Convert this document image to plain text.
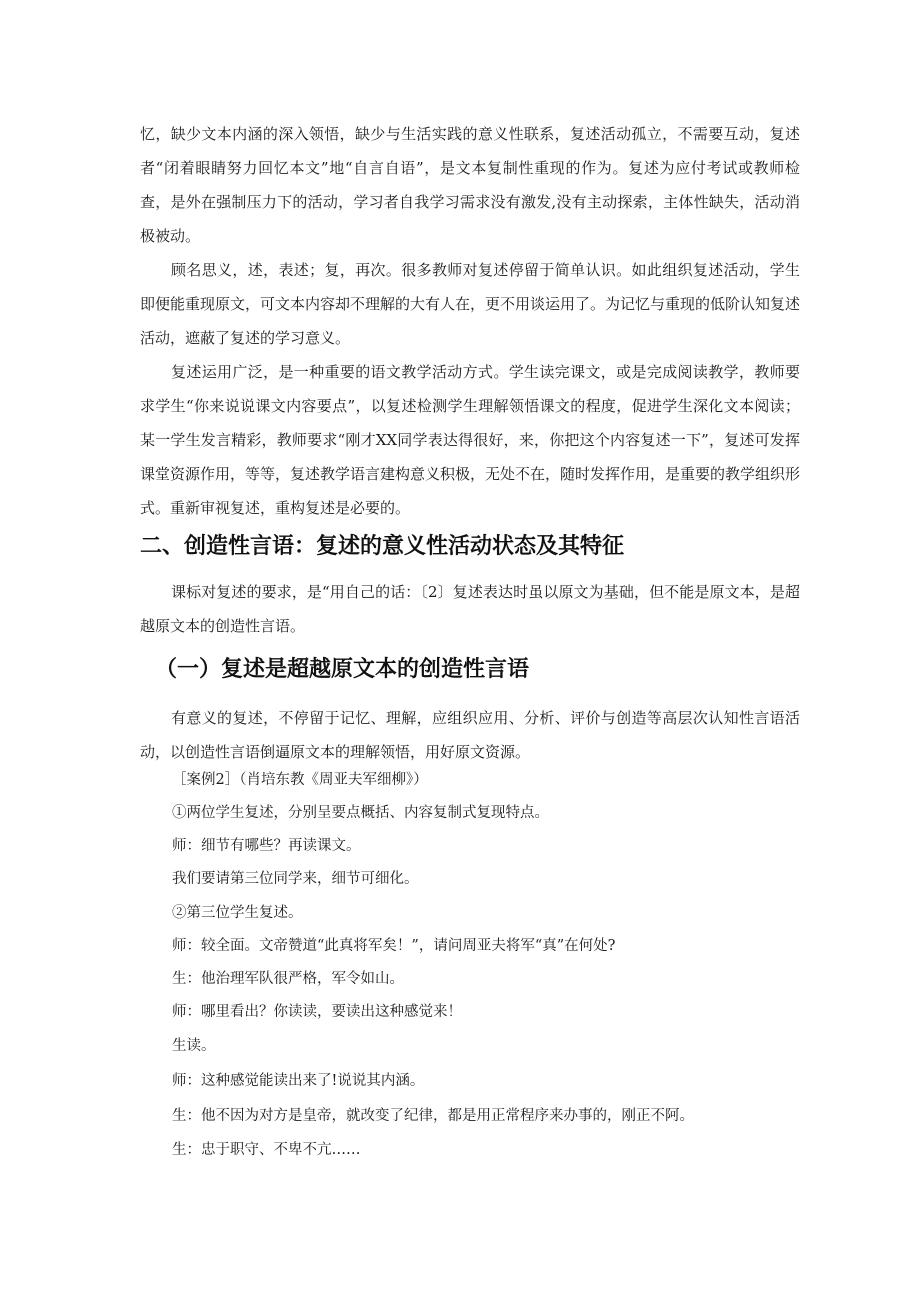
忆，缺少文本内涵的深入领悟，缺少与生活实践的意义性联系，复述活动孤立，不需要互动，复述者“闭着眼睛努力回忆本文”地“自言自语”，是文本复制性重现的作为。复述为应付考试或教师检查，是外在强制压力下的活动，学习者自我学习需求没有激发,没有主动探索，主体性缺失，活动消极被动。

顾名思义，述，表述；复，再次。很多教师对复述停留于简单认识。如此组织复述活动，学生即便能重现原文，可文本内容却不理解的大有人在，更不用谈运用了。为记忆与重现的低阶认知复述活动，遮蔽了复述的学习意义。

复述运用广泛，是一种重要的语文教学活动方式。学生读完课文，或是完成阅读教学，教师要求学生“你来说说课文内容要点”，以复述检测学生理解领悟课文的程度，促进学生深化文本阅读；某一学生发言精彩，教师要求“刚才XX同学表达得很好，来，你把这个内容复述一下”，复述可发挥课堂资源作用，等等，复述教学语言建构意义积极，无处不在，随时发挥作用，是重要的教学组织形式。重新审视复述，重构复述是必要的。

二、创造性言语：复述的意义性活动状态及其特征

课标对复述的要求，是“用自己的话：〔2〕复述表达时虽以原文为基础，但不能是原文本，是超越原文本的创造性言语。

（一）复述是超越原文本的创造性言语

有意义的复述，不停留于记忆、理解，应组织应用、分析、评价与创造等高层次认知性言语活动，以创造性言语倒逼原文本的理解领悟，用好原文资源。

［案例2］（肖培东教《周亚夫军细柳》）

①两位学生复述，分别呈要点概括、内容复制式复现特点。

师：细节有哪些？再读课文。

我们要请第三位同学来，细节可细化。

②第三位学生复述。

师：较全面。文帝赞道“此真将军矣！”，请问周亚夫将军“真”在何处?

生：他治理军队很严格，军令如山。

师：哪里看出？你读读，要读出这种感觉来！

生读。

师：这种感觉能读出来了!说说其内涵。

生：他不因为对方是皇帝，就改变了纪律，都是用正常程序来办事的，刚正不阿。

生：忠于职守、不卑不亢……
